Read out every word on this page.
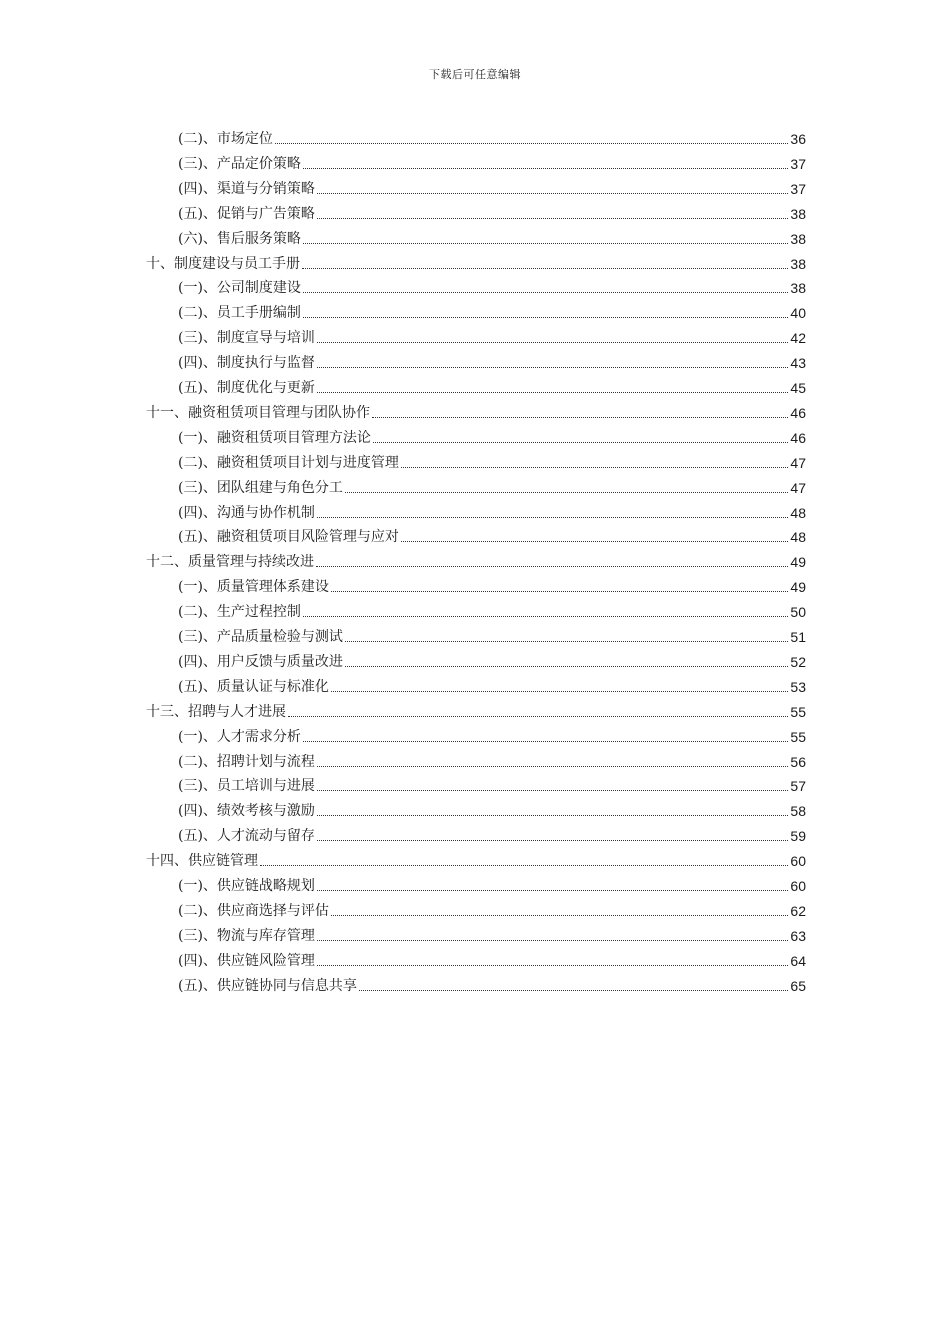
下载后可任意编辑
(二)、市场定位	36
(三)、产品定价策略	37
(四)、渠道与分销策略	37
(五)、促销与广告策略	38
(六)、售后服务策略	38
十、制度建设与员工手册	38
(一)、公司制度建设	38
(二)、员工手册编制	40
(三)、制度宣导与培训	42
(四)、制度执行与监督	43
(五)、制度优化与更新	45
十一、融资租赁项目管理与团队协作	46
(一)、融资租赁项目管理方法论	46
(二)、融资租赁项目计划与进度管理	47
(三)、团队组建与角色分工	47
(四)、沟通与协作机制	48
(五)、融资租赁项目风险管理与应对	48
十二、质量管理与持续改进	49
(一)、质量管理体系建设	49
(二)、生产过程控制	50
(三)、产品质量检验与测试	51
(四)、用户反馈与质量改进	52
(五)、质量认证与标准化	53
十三、招聘与人才进展	55
(一)、人才需求分析	55
(二)、招聘计划与流程	56
(三)、员工培训与进展	57
(四)、绩效考核与激励	58
(五)、人才流动与留存	59
十四、供应链管理	60
(一)、供应链战略规划	60
(二)、供应商选择与评估	62
(三)、物流与库存管理	63
(四)、供应链风险管理	64
(五)、供应链协同与信息共享	65
